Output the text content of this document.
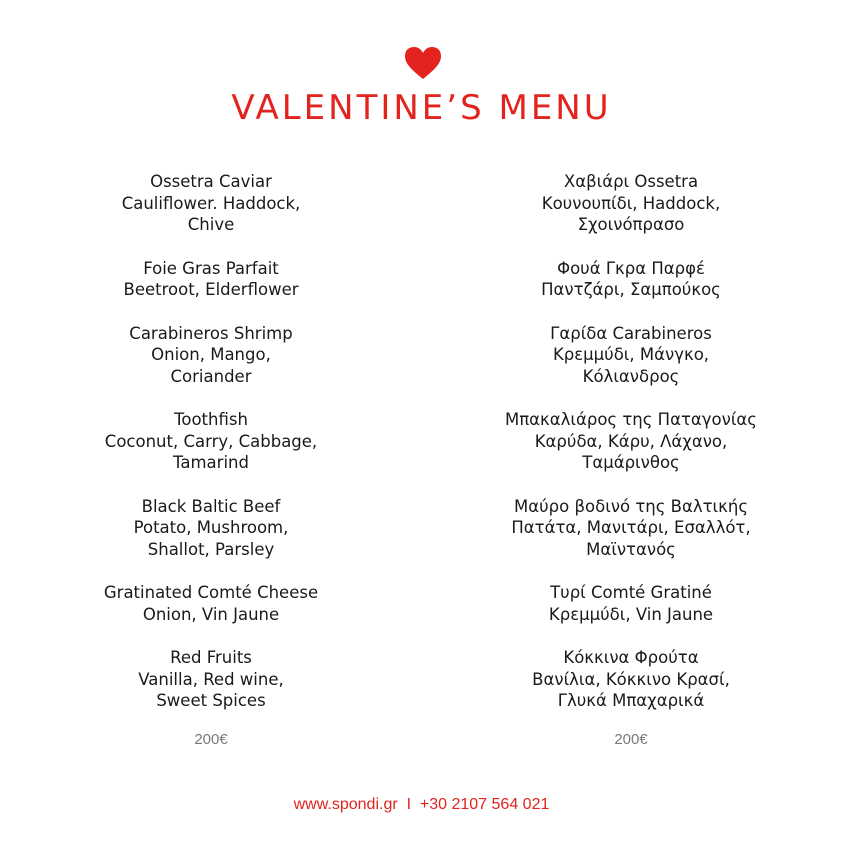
VALENTINE’S MENU
Ossetra Caviar
Cauliflower. Haddock,
Chive
Foie Gras Parfait
Beetroot, Elderflower
Carabineros Shrimp
Onion, Mango,
Coriander
Toothfish
Coconut, Carry, Cabbage,
Tamarind
Black Baltic Beef
Potato, Mushroom,
Shallot, Parsley
Gratinated Comté Cheese
Onion, Vin Jaune
Red Fruits
Vanilla, Red wine,
Sweet Spices
Χαβιάρι Ossetra
Κουνουπίδι, Haddock,
Σχοινόπρασο
Φουά Γκρα Παρφέ
Παντζάρι, Σαμπούκος
Γαρίδα Carabineros
Κρεμμύδι, Μάνγκο,
Κόλιανδρος
Μπακαλιάρος της Παταγονίας
Καρύδα, Κάρυ, Λάχανο,
Ταμάρινθος
Μαύρο βοδινό της Βαλτικής
Πατάτα, Μανιτάρι, Εσαλλότ,
Μαϊντανός
Τυρί Comté Gratiné
Κρεμμύδι, Vin Jaune
Κόκκινα Φρούτα
Βανίλια, Κόκκινο Κρασί,
Γλυκά Μπαχαρικά
200€	200€
www.spondi.gr  I  +30 2107 564 021
